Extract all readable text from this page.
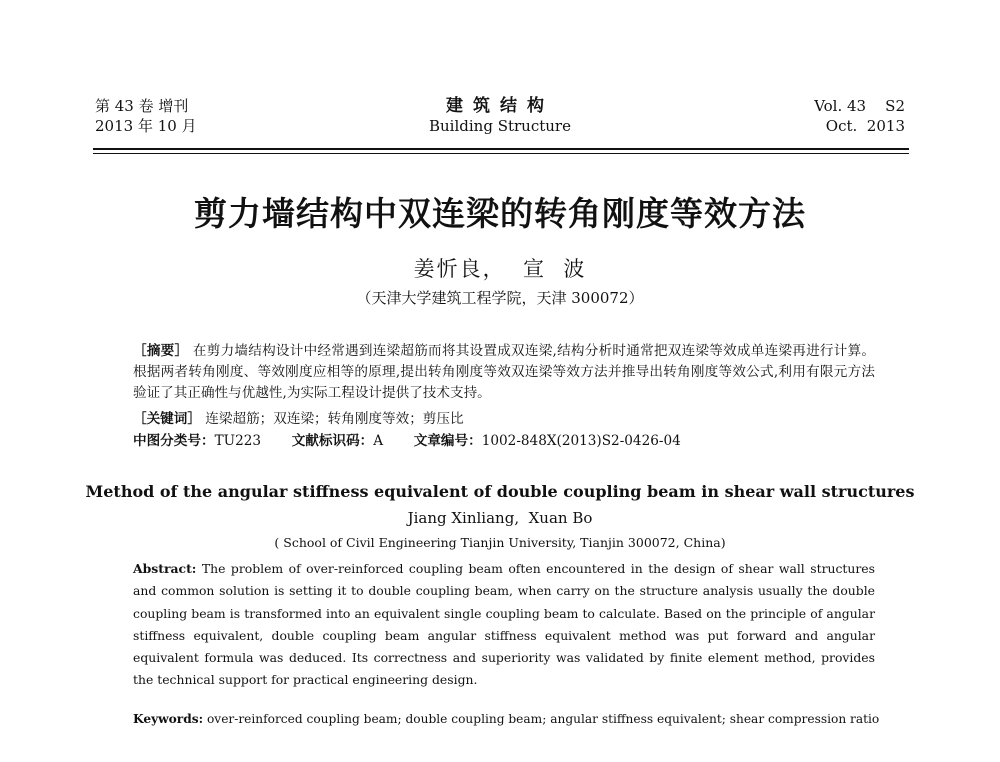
第 43 卷 增刊
2013 年 10 月
建筑结构
Building Structure
Vol. 43    S2
Oct.  2013
剪力墙结构中双连梁的转角刚度等效方法
姜忻良，  宣  波
（天津大学建筑工程学院，天津 300072）
［摘要］ 在剪力墙结构设计中经常遇到连梁超筋而将其设置成双连梁,结构分析时通常把双连梁等效成单连梁再进行计算。根据两者转角刚度、等效刚度应相等的原理,提出转角刚度等效双连梁等效方法并推导出转角刚度等效公式,利用有限元方法验证了其正确性与优越性,为实际工程设计提供了技术支持。
［关键词］ 连梁超筋；双连梁；转角刚度等效；剪压比
中图分类号：TU223 文献标识码：A 文章编号：1002-848X(2013)S2-0426-04
Method of the angular stiffness equivalent of double coupling beam in shear wall structures
Jiang Xinliang,  Xuan Bo
( School of Civil Engineering Tianjin University, Tianjin 300072, China)
Abstract: The problem of over-reinforced coupling beam often encountered in the design of shear wall structures and common solution is setting it to double coupling beam, when carry on the structure analysis usually the double coupling beam is transformed into an equivalent single coupling beam to calculate. Based on the principle of angular stiffness equivalent, double coupling beam angular stiffness equivalent method was put forward and angular equivalent formula was deduced. Its correctness and superiority was validated by finite element method, provides the technical support for practical engineering design.
Keywords: over-reinforced coupling beam; double coupling beam; angular stiffness equivalent; shear compression ratio
